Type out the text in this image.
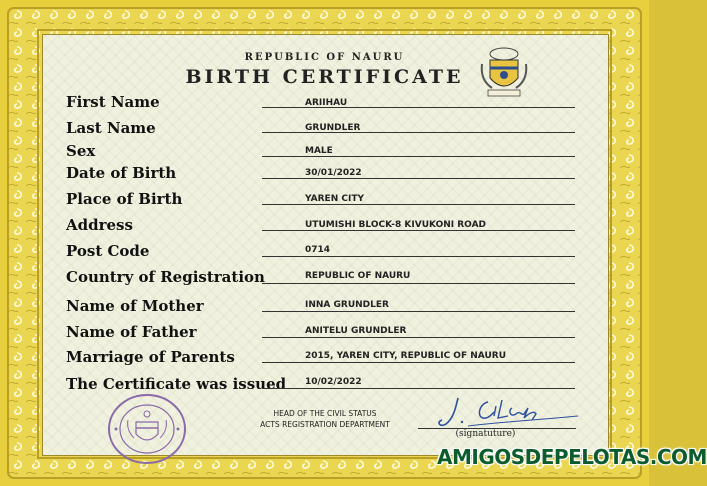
REPUBLIC OF NAURU
BIRTH CERTIFICATE
First Name	ARIIHAU
Last Name	GRUNDLER
Sex	MALE
Date of Birth	30/01/2022
Place of Birth	YAREN CITY
Address	UTUMISHI BLOCK-8 KIVUKONI ROAD
Post Code	0714
Country of Registration	REPUBLIC OF NAURU
Name of Mother	INNA GRUNDLER
Name of Father	ANITELU GRUNDLER
Marriage of Parents	2015, YAREN CITY, REPUBLIC OF NAURU
The Certificate was issued 10/02/2022
HEAD OF THE CIVIL STATUS
ACTS REGISTRATION DEPARTMENT
(signatuture)
AMIGOSDEPELOTAS.COM
